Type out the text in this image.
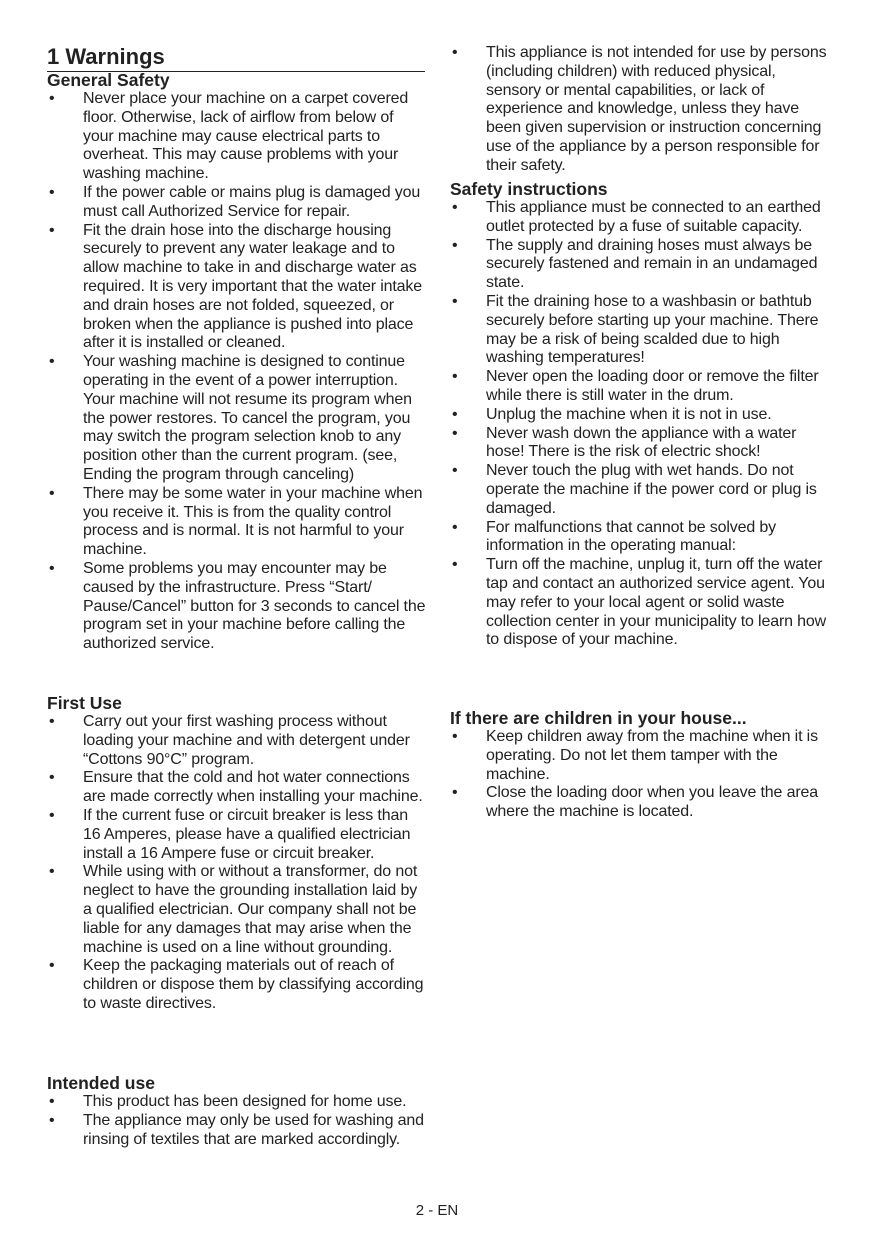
1 Warnings
General Safety
• Never place your machine on a carpet covered floor. Otherwise, lack of airflow from below of your machine may cause electrical parts to overheat. This may cause problems with your washing machine.
• If the power cable or mains plug is damaged you must call Authorized Service for repair.
• Fit the drain hose into the discharge housing securely to prevent any water leakage and to allow machine to take in and discharge water as required. It is very important that the water intake and drain hoses are not folded, squeezed, or broken when the appliance is pushed into place after it is installed or cleaned.
• Your washing machine is designed to continue operating in the event of a power interruption. Your machine will not resume its program when the power restores. To cancel the program, you may switch the program selection knob to any position other than the current program. (see, Ending the program through canceling)
• There may be some water in your machine when you receive it. This is from the quality control process and is normal. It is not harmful to your machine.
• Some problems you may encounter may be caused by the infrastructure. Press “Start/ Pause/Cancel” button for 3 seconds to cancel the program set in your machine before calling the authorized service.
First Use
• Carry out your first washing process without loading your machine and with detergent under “Cottons 90°C” program.
• Ensure that the cold and hot water connections are made correctly when installing your machine.
• If the current fuse or circuit breaker is less than 16 Amperes, please have a qualified electrician install a 16 Ampere fuse or circuit breaker.
• While using with or without a transformer, do not neglect to have the grounding installation laid by a qualified electrician. Our company shall not be liable for any damages that may arise when the machine is used on a line without grounding.
• Keep the packaging materials out of reach of children or dispose them by classifying according to waste directives.
Intended use
• This product has been designed for home use.
• The appliance may only be used for washing and rinsing of textiles that are marked accordingly.
• This appliance is not intended for use by persons (including children) with reduced physical, sensory or mental capabilities, or lack of experience and knowledge, unless they have been given supervision or instruction concerning use of the appliance by a person responsible for their safety.
Safety instructions
• This appliance must be connected to an earthed outlet protected by a fuse of suitable capacity.
• The supply and draining hoses must always be securely fastened and remain in an undamaged state.
• Fit the draining hose to a washbasin or bathtub securely before starting up your machine. There may be a risk of being scalded due to high washing temperatures!
• Never open the loading door or remove the filter while there is still water in the drum.
• Unplug the machine when it is not in use.
• Never wash down the appliance with a water hose! There is the risk of electric shock!
• Never touch the plug with wet hands. Do not operate the machine if the power cord or plug is damaged.
• For malfunctions that cannot be solved by information in the operating manual:
• Turn off the machine, unplug it, turn off the water tap and contact an authorized service agent. You may refer to your local agent or solid waste collection center in your municipality to learn how to dispose of your machine.
If there are children in your house...
• Keep children away from the machine when it is operating. Do not let them tamper with the machine.
• Close the loading door when you leave the area where the machine is located.
2 - EN
